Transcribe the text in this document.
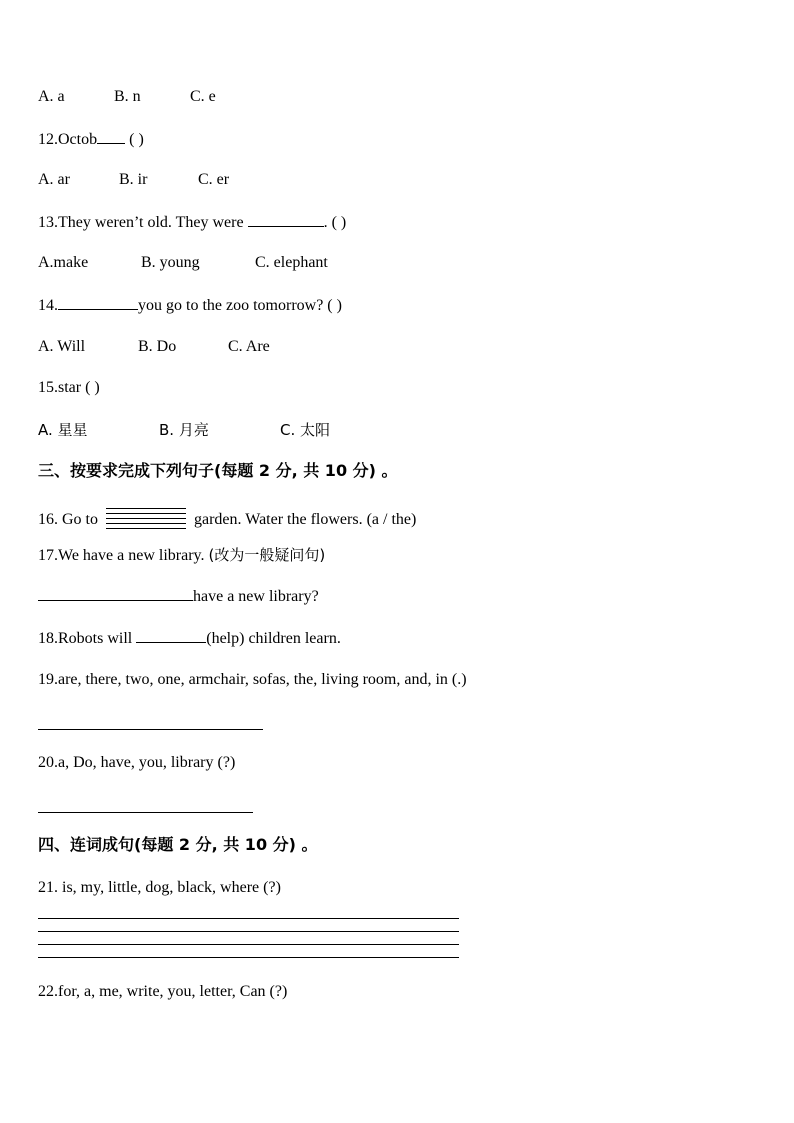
A. a	B. n	C. e
12.Octob ( )
A. ar	B. ir	C. er
13.They weren’t old. They were	. ( )
A.make	B. young	C. elephant
14.	you go to the zoo tomorrow? ( )
A. Will	B. Do	C. Are
15.star ( )
A. 星星	B. 月亮	C. 太阳
三、按要求完成下列句子(每题 2 分, 共 10 分) 。
16. Go to	garden. Water the flowers. (a / the)
17.We have a new library. (改为一般疑问句)
have a new library?
18.Robots will	(help) children learn.
19.are, there, two, one, armchair, sofas, the, living room, and, in (.)
20.a, Do, have, you, library (?)
四、连词成句(每题 2 分, 共 10 分) 。
21. is, my, little, dog, black, where (?)
22.for, a, me, write, you, letter, Can (?)
